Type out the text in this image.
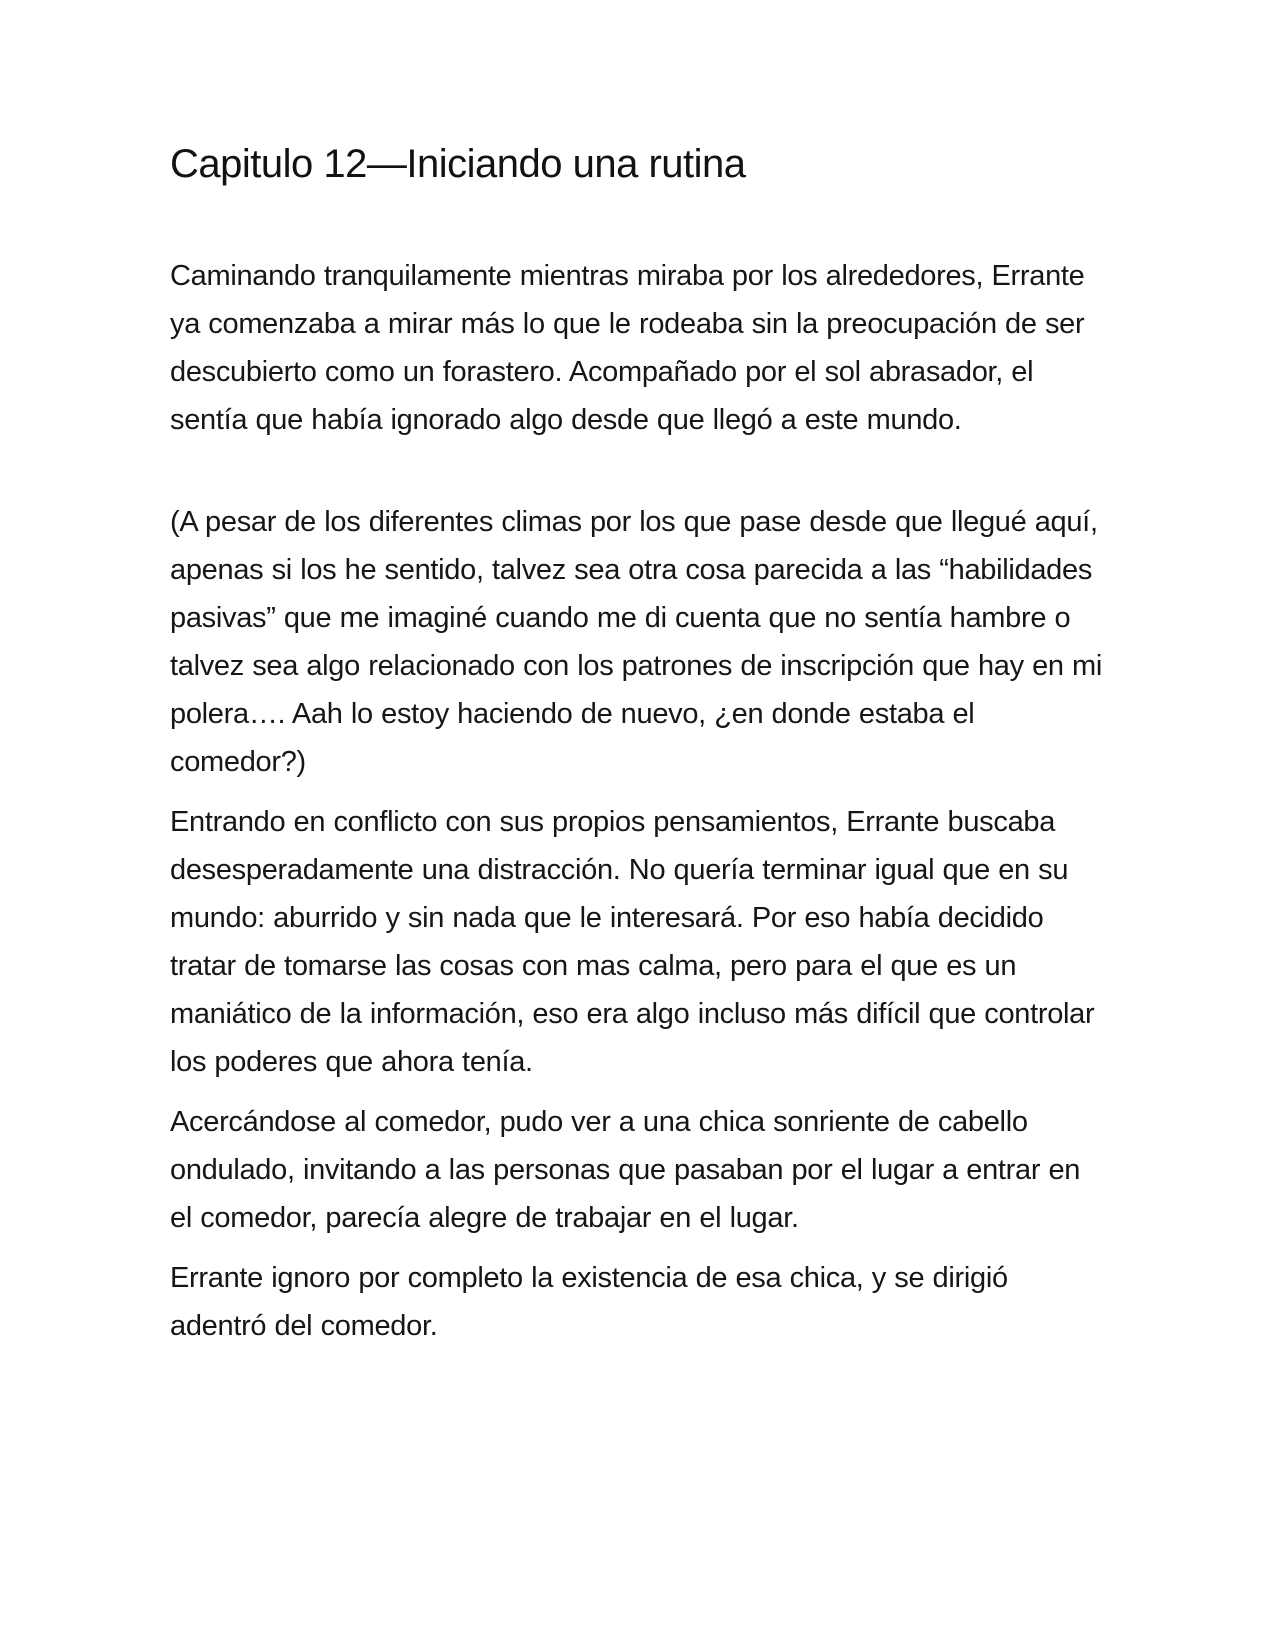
Capitulo 12—Iniciando una rutina

Caminando tranquilamente mientras miraba por los alrededores, Errante ya comenzaba a mirar más lo que le rodeaba sin la preocupación de ser descubierto como un forastero. Acompañado por el sol abrasador, el sentía que había ignorado algo desde que llegó a este mundo.

(A pesar de los diferentes climas por los que pase desde que llegué aquí, apenas si los he sentido, talvez sea otra cosa parecida a las “habilidades pasivas” que me imaginé cuando me di cuenta que no sentía hambre o talvez sea algo relacionado con los patrones de inscripción que hay en mi polera…. Aah lo estoy haciendo de nuevo, ¿en donde estaba el comedor?)

Entrando en conflicto con sus propios pensamientos, Errante buscaba desesperadamente una distracción. No quería terminar igual que en su mundo: aburrido y sin nada que le interesará. Por eso había decidido tratar de tomarse las cosas con mas calma, pero para el que es un maniático de la información, eso era algo incluso más difícil que controlar los poderes que ahora tenía.

Acercándose al comedor, pudo ver a una chica sonriente de cabello ondulado, invitando a las personas que pasaban por el lugar a entrar en el comedor, parecía alegre de trabajar en el lugar.

Errante ignoro por completo la existencia de esa chica, y se dirigió adentró del comedor.
